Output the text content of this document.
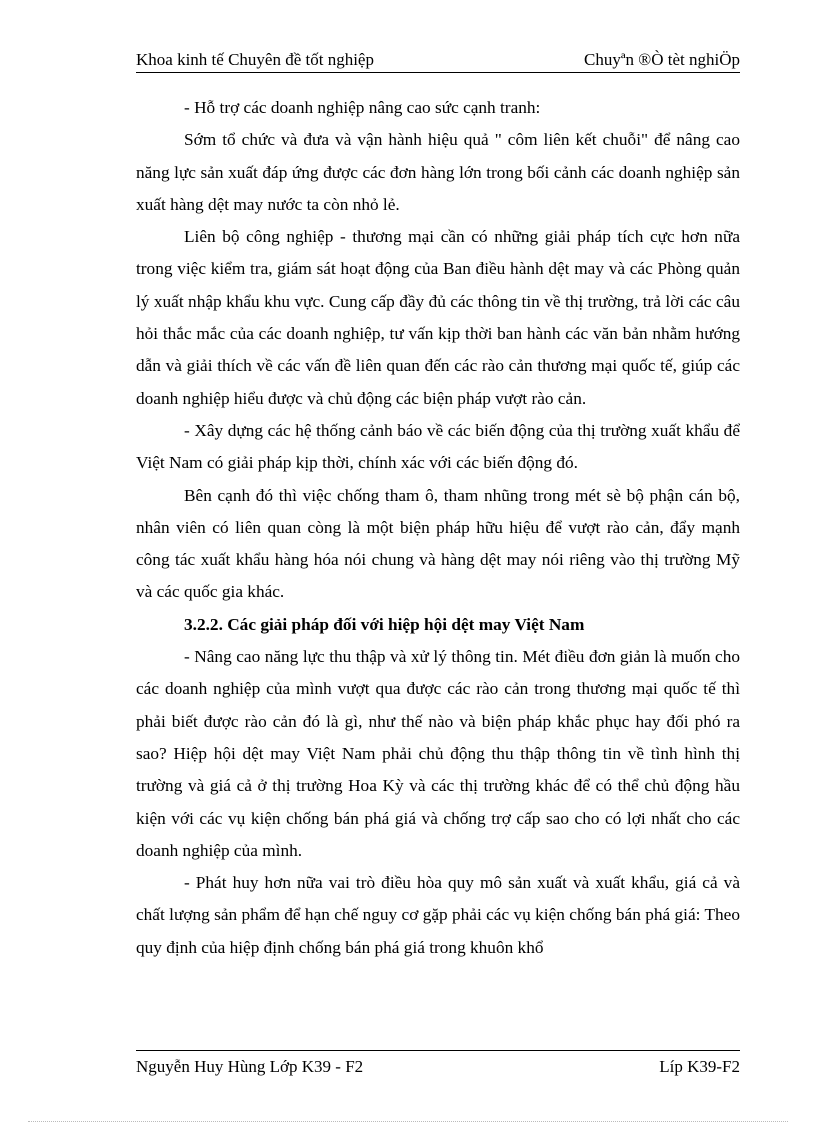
Khoa kinh tế Chuyên đề tốt nghiệp	Chuyªn ®Ò tèt nghiÖp

- Hỗ trợ các doanh nghiệp nâng cao sức cạnh tranh:

Sớm tổ chức và đưa và vận hành hiệu quả " côm liên kết chuỗi" để nâng cao năng lực sản xuất đáp ứng được các đơn hàng lớn trong bối cảnh các doanh nghiệp sản xuất hàng dệt may nước ta còn nhỏ lẻ.

Liên bộ công nghiệp - thương mại cần có những giải pháp tích cực hơn nữa trong việc kiểm tra, giám sát hoạt động của Ban điều hành dệt may và các Phòng quản lý xuất nhập khẩu khu vực. Cung cấp đầy đủ các thông tin về thị trường, trả lời các câu hỏi thắc mắc của các doanh nghiệp, tư vấn kịp thời ban hành các văn bản nhằm hướng dẫn và giải thích về các vấn đề liên quan đến các rào cản thương mại quốc tế, giúp các doanh nghiệp hiểu được và chủ động các biện pháp vượt rào cản.

- Xây dựng các hệ thống cảnh báo về các biến động của thị trường xuất khẩu để Việt Nam có giải pháp kịp thời, chính xác với các biến động đó.

Bên cạnh đó thì việc chống tham ô, tham nhũng trong mét sè bộ phận cán bộ, nhân viên có liên quan còng là một biện pháp hữu hiệu để vượt rào cản, đẩy mạnh công tác xuất khẩu hàng hóa nói chung và hàng dệt may nói riêng vào thị trường Mỹ và các quốc gia khác.

3.2.2. Các giải pháp đối với hiệp hội dệt may Việt Nam

- Nâng cao năng lực thu thập và xử lý thông tin. Mét điều đơn giản là muốn cho các doanh nghiệp của mình vượt qua được các rào cản trong thương mại quốc tế thì phải biết được rào cản đó là gì, như thế nào và biện pháp khắc phục hay đối phó ra sao? Hiệp hội dệt may Việt Nam phải chủ động thu thập thông tin về tình hình thị trường và giá cả ở thị trường Hoa Kỳ và các thị trường khác để có thể chủ động hầu kiện với các vụ kiện chống bán phá giá và chống trợ cấp sao cho có lợi nhất cho các doanh nghiệp của mình.

- Phát huy hơn nữa vai trò điều hòa quy mô sản xuất và xuất khẩu, giá cả và chất lượng sản phẩm để hạn chế nguy cơ gặp phải các vụ kiện chống bán phá giá: Theo quy định của hiệp định chống bán phá giá trong khuôn khổ

Nguyễn Huy Hùng Lớp K39 - F2	Líp K39-F2
